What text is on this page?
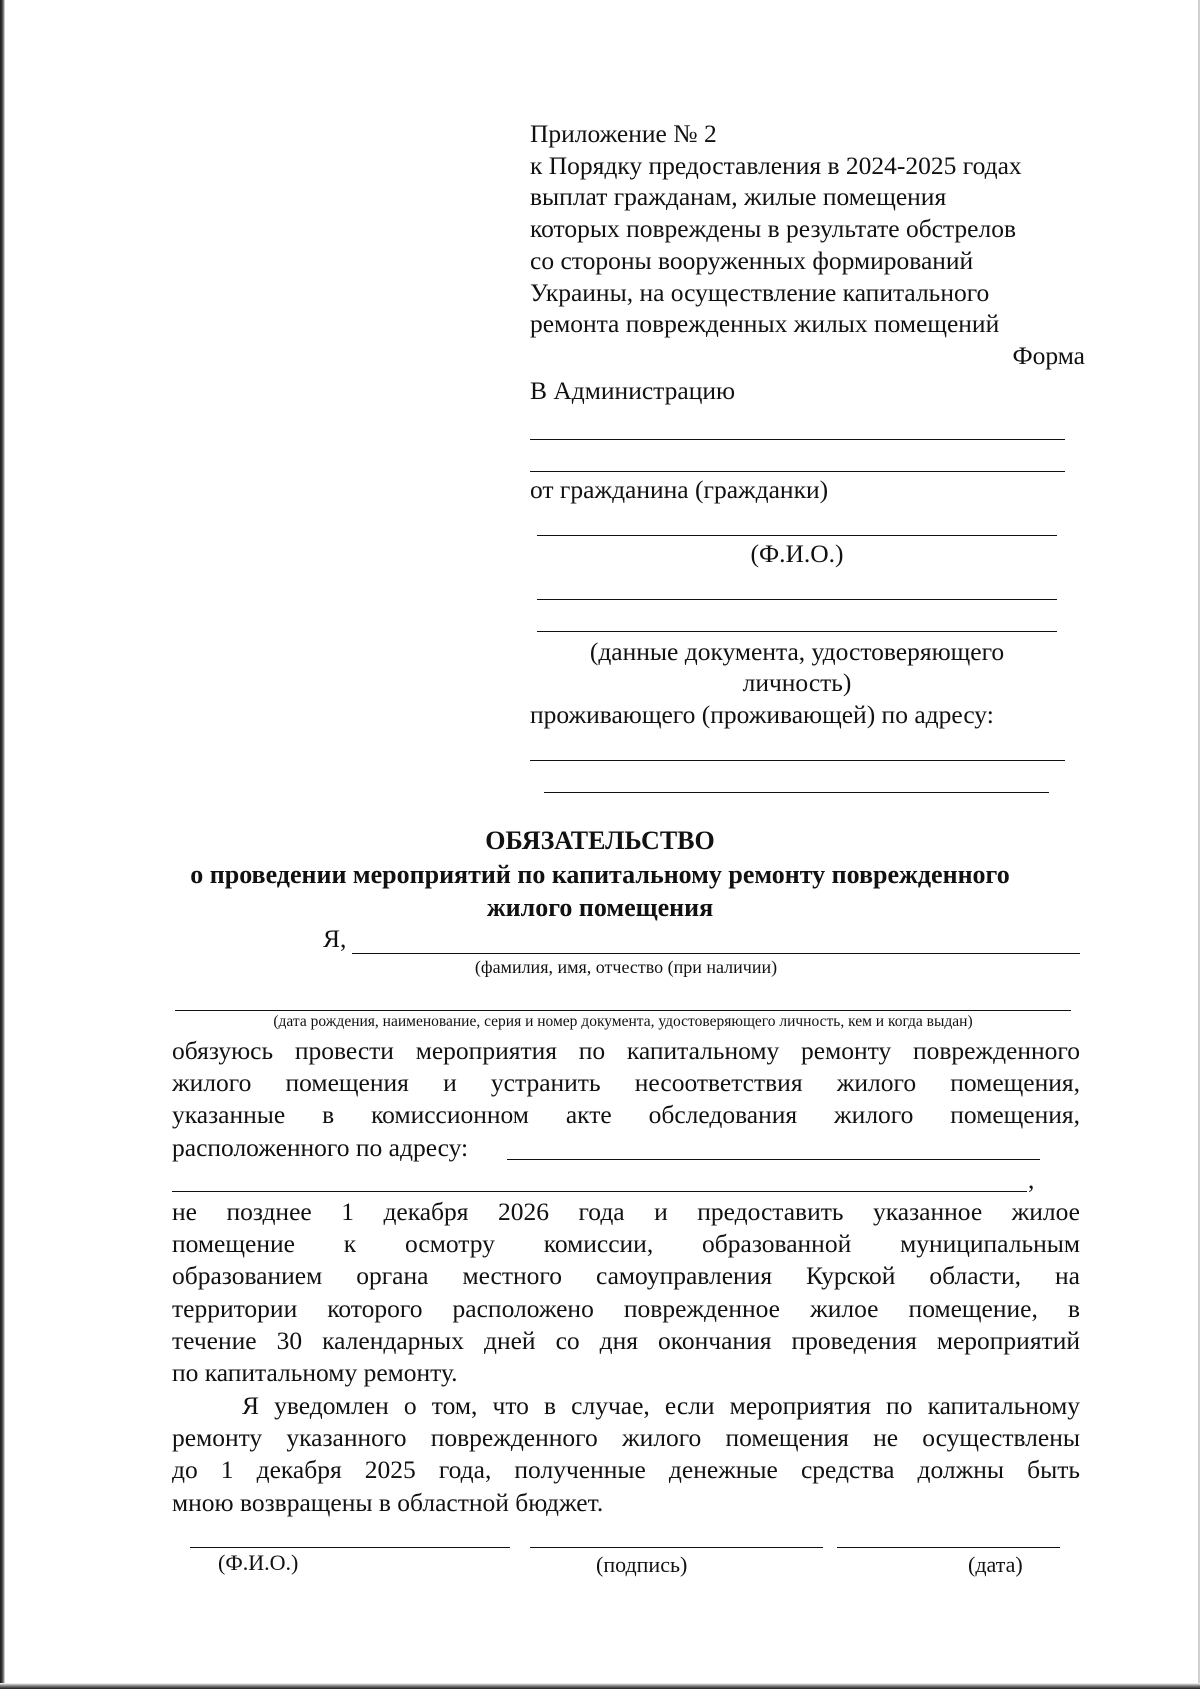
Приложение № 2
к Порядку предоставления в 2024-2025 годах
выплат гражданам, жилые помещения
которых повреждены в результате обстрелов
со стороны вооруженных формирований
Украины, на осуществление капитального
ремонта поврежденных жилых помещений
Форма
В Администрацию
от гражданина (гражданки)
(Ф.И.О.)
(данные документа, удостоверяющего
личность)
проживающего (проживающей) по адресу:
ОБЯЗАТЕЛЬСТВО
о проведении мероприятий по капитальному ремонту поврежденного
жилого помещения
Я,
(фамилия, имя, отчество (при наличии)
(дата рождения, наименование, серия и номер документа, удостоверяющего личность, кем и когда выдан)
обязуюсь провести мероприятия по капитальному ремонту поврежденного
жилого помещения и устранить несоответствия жилого помещения,
указанные в комиссионном акте обследования жилого помещения,
расположенного по адресу:
,
не позднее 1 декабря 2026 года и предоставить указанное жилое
помещение к осмотру комиссии, образованной муниципальным
образованием органа местного самоуправления Курской области, на
территории которого расположено поврежденное жилое помещение, в
течение 30 календарных дней со дня окончания проведения мероприятий
по капитальному ремонту.
Я уведомлен о том, что в случае, если мероприятия по капитальному
ремонту указанного поврежденного жилого помещения не осуществлены
до 1 декабря 2025 года, полученные денежные средства должны быть
мною возвращены в областной бюджет.
(Ф.И.О.)	(подпись)	(дата)
